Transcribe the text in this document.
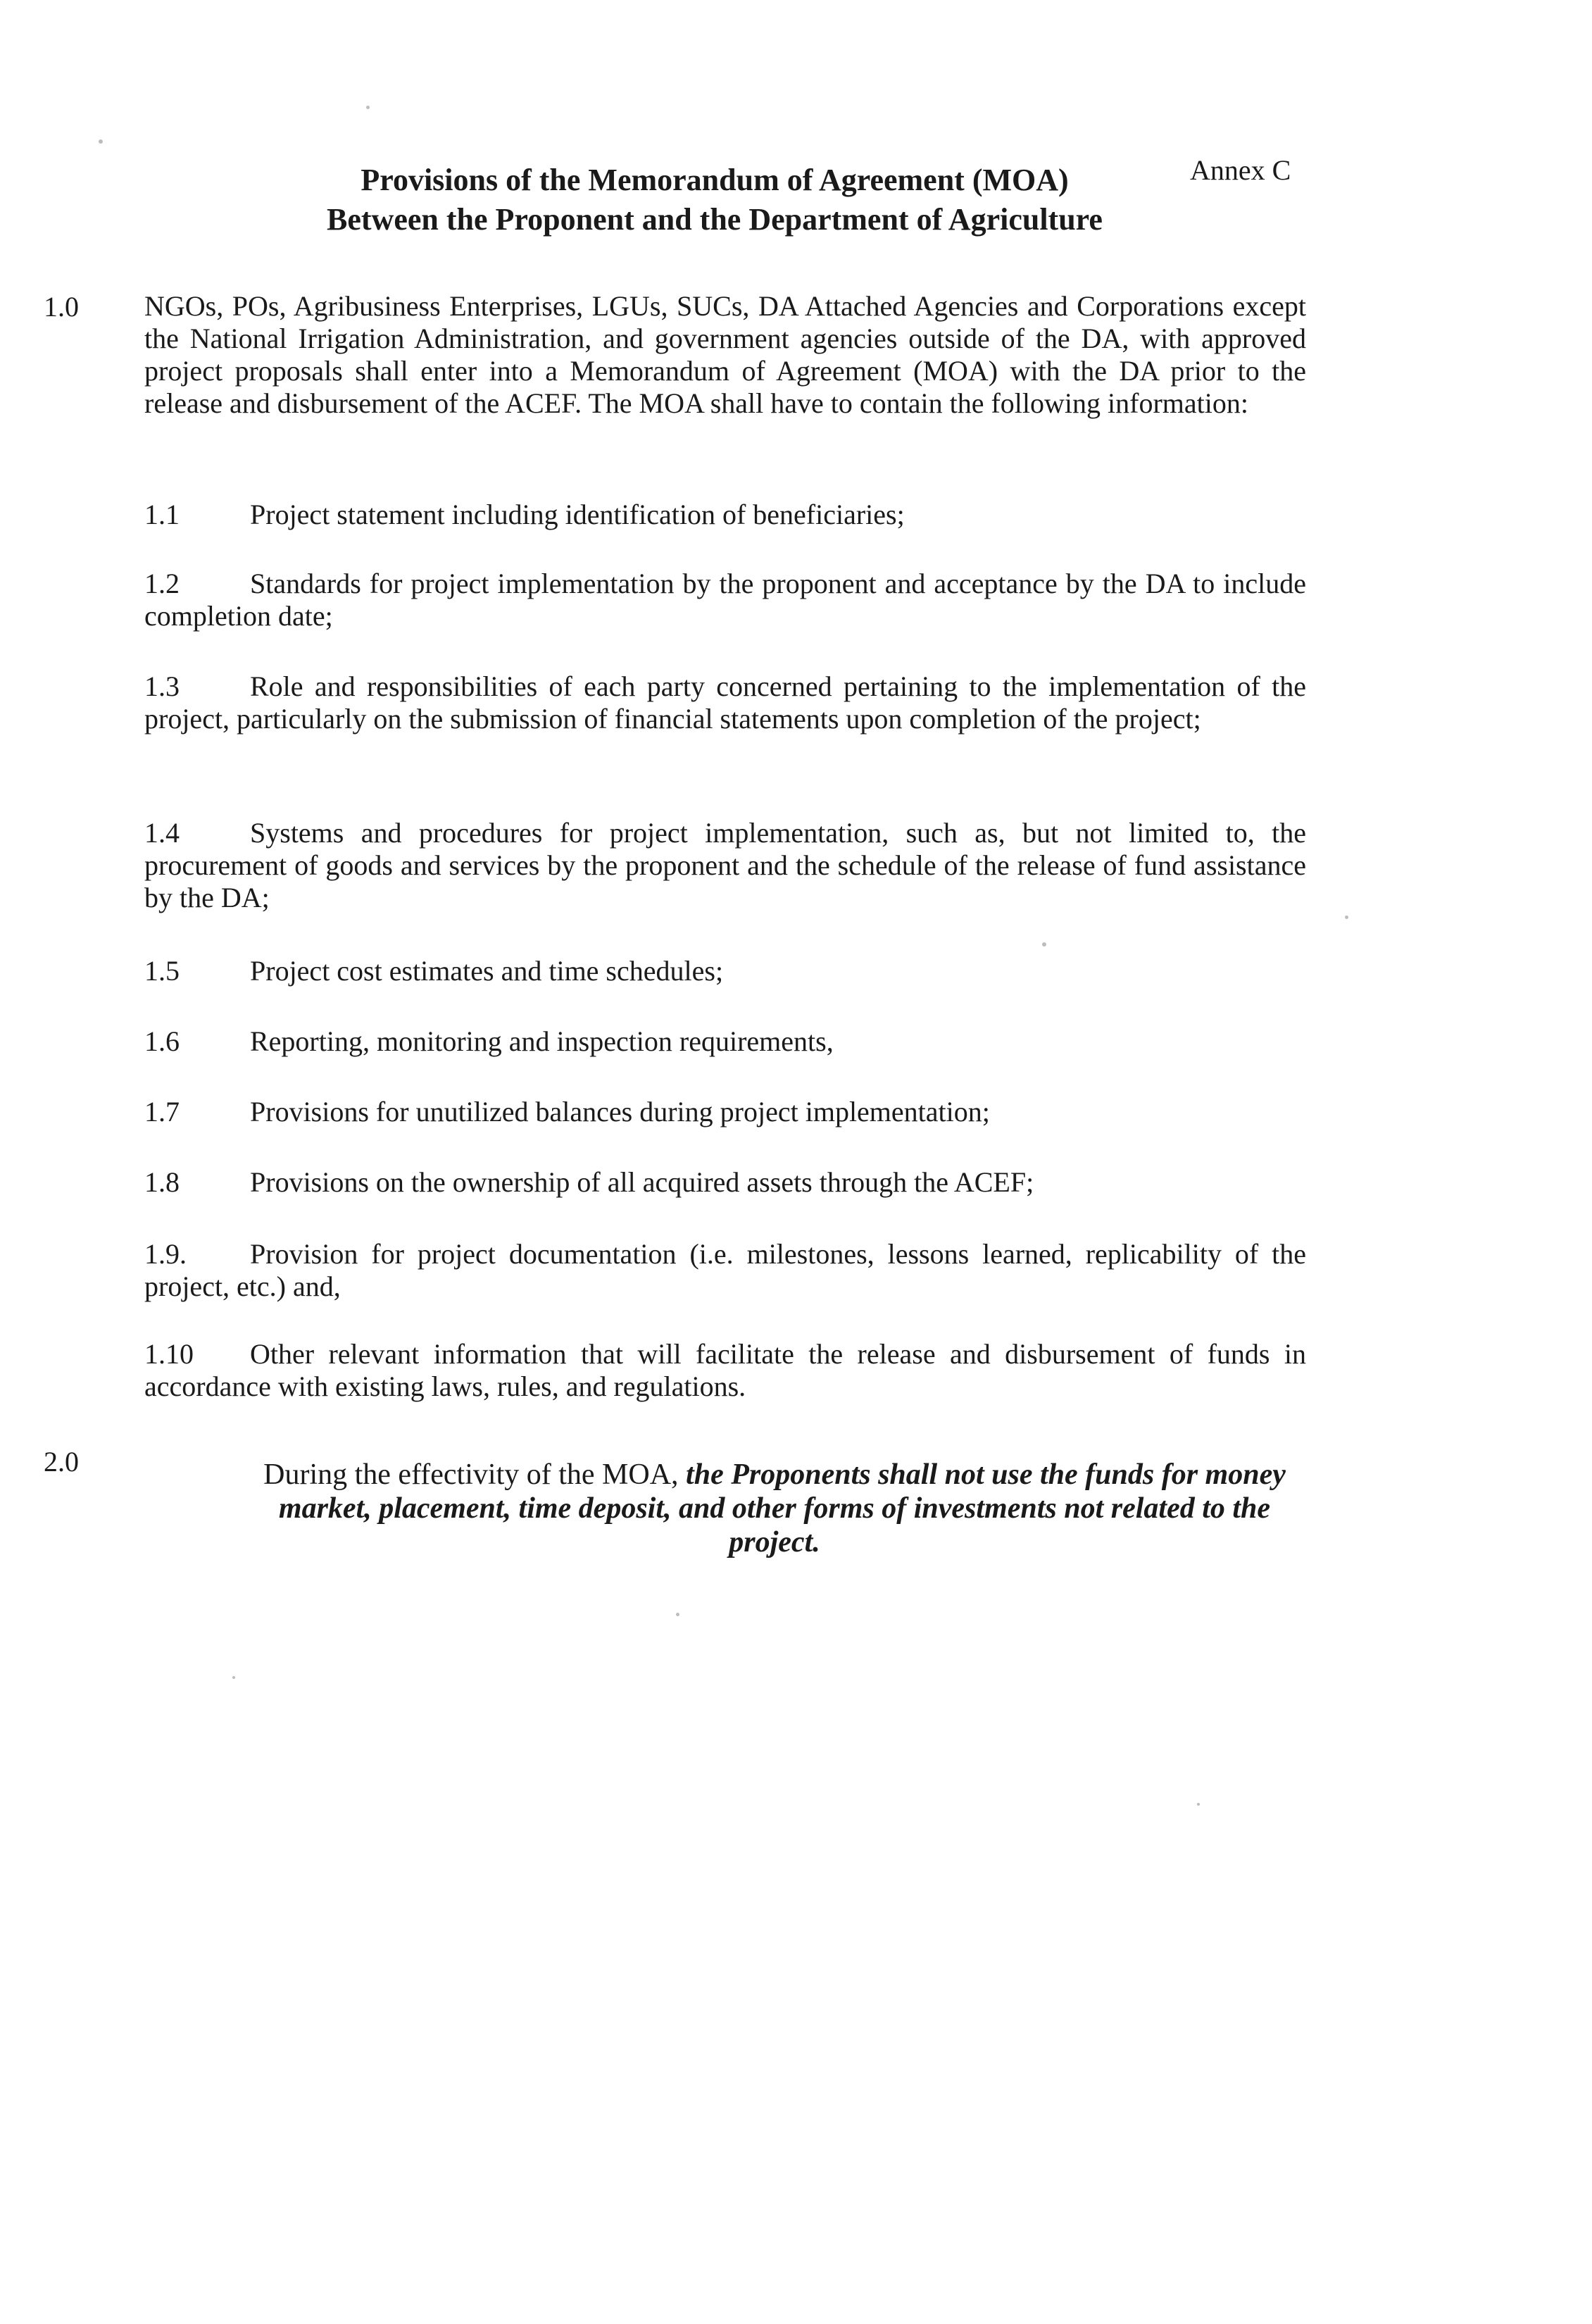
Annex C
Provisions of the Memorandum of Agreement (MOA)
Between the Proponent and the Department of Agriculture
1.0 NGOs, POs, Agribusiness Enterprises, LGUs, SUCs, DA Attached Agencies and Corporations except the National Irrigation Administration, and government agencies outside of the DA, with approved project proposals shall enter into a Memorandum of Agreement (MOA) with the DA prior to the release and disbursement of the ACEF. The MOA shall have to contain the following information:
1.1	Project statement including identification of beneficiaries;
1.2	Standards for project implementation by the proponent and acceptance by the DA to include completion date;
1.3	Role and responsibilities of each party concerned pertaining to the implementation of the project, particularly on the submission of financial statements upon completion of the project;
1.4	Systems and procedures for project implementation, such as, but not limited to, the procurement of goods and services by the proponent and the schedule of the release of fund assistance by the DA;
1.5	Project cost estimates and time schedules;
1.6	Reporting, monitoring and inspection requirements,
1.7	Provisions for unutilized balances during project implementation;
1.8	Provisions on the ownership of all acquired assets through the ACEF;
1.9. Provision for project documentation (i.e. milestones, lessons learned, replicability of the project, etc.) and,
1.10 Other relevant information that will facilitate the release and disbursement of funds in accordance with existing laws, rules, and regulations.
2.0	During the effectivity of the MOA, the Proponents shall not use the funds for money market, placement, time deposit, and other forms of investments not related to the project.
